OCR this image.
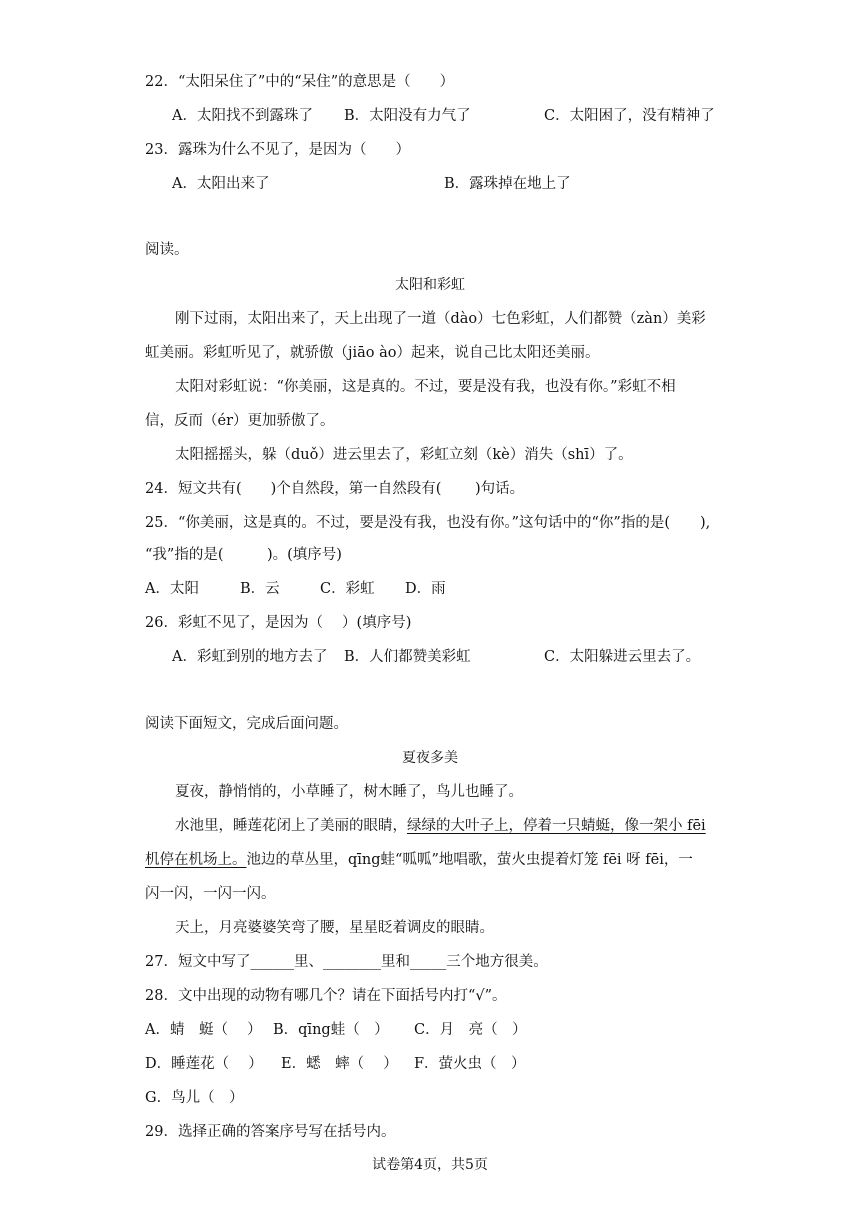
22．“太阳呆住了”中的“呆住”的意思是（　　）
A．太阳找不到露珠了 B．太阳没有力气了	C．太阳困了，没有精神了
23．露珠为什么不见了，是因为（　　）
A．太阳出来了	B．露珠掉在地上了
阅读。
太阳和彩虹
刚下过雨，太阳出来了，天上出现了一道（dào）七色彩虹，人们都赞（zàn）美彩
虹美丽。彩虹听见了，就骄傲（jiāo ào）起来，说自己比太阳还美丽。
太阳对彩虹说：“你美丽，这是真的。不过，要是没有我，也没有你。”彩虹不相
信，反而（ér）更加骄傲了。
太阳摇摇头，躲（duǒ）进云里去了，彩虹立刻（kè）消失（shī）了。
24．短文共有(　　)个自然段，第一自然段有(　　 )句话。
25．“你美丽，这是真的。不过，要是没有我，也没有你。”这句话中的“你”指的是( ),
“我”指的是(　　　)。(填序号)
A．太阳	B．云	C．彩虹 D．雨
26．彩虹不见了，是因为（　 ）(填序号)
A．彩虹到别的地方去了 B．人们都赞美彩虹	C．太阳躲进云里去了。
阅读下面短文，完成后面问题。
夏夜多美
夏夜，静悄悄的，小草睡了，树木睡了，鸟儿也睡了。
水池里，睡莲花闭上了美丽的眼睛，绿绿的大叶子上，停着一只蜻蜓，像一架小 fēi
机停在机场上。池边的草丛里，qīng蛙“呱呱”地唱歌，萤火虫提着灯笼 fēi 呀 fēi，一
闪一闪，一闪一闪。
天上，月亮婆婆笑弯了腰，星星眨着调皮的眼睛。
27．短文中写了______里、________里和_____三个地方很美。
28．文中出现的动物有哪几个？请在下面括号内打“√”。
A．蜻　蜓（　 ） B．qīng蛙（　） C．月　亮（　）
D．睡莲花（　 ） E．蟋　蟀（　 ） F．萤火虫（　）
G．鸟儿（　）
29．选择正确的答案序号写在括号内。
试卷第4页，共5页
